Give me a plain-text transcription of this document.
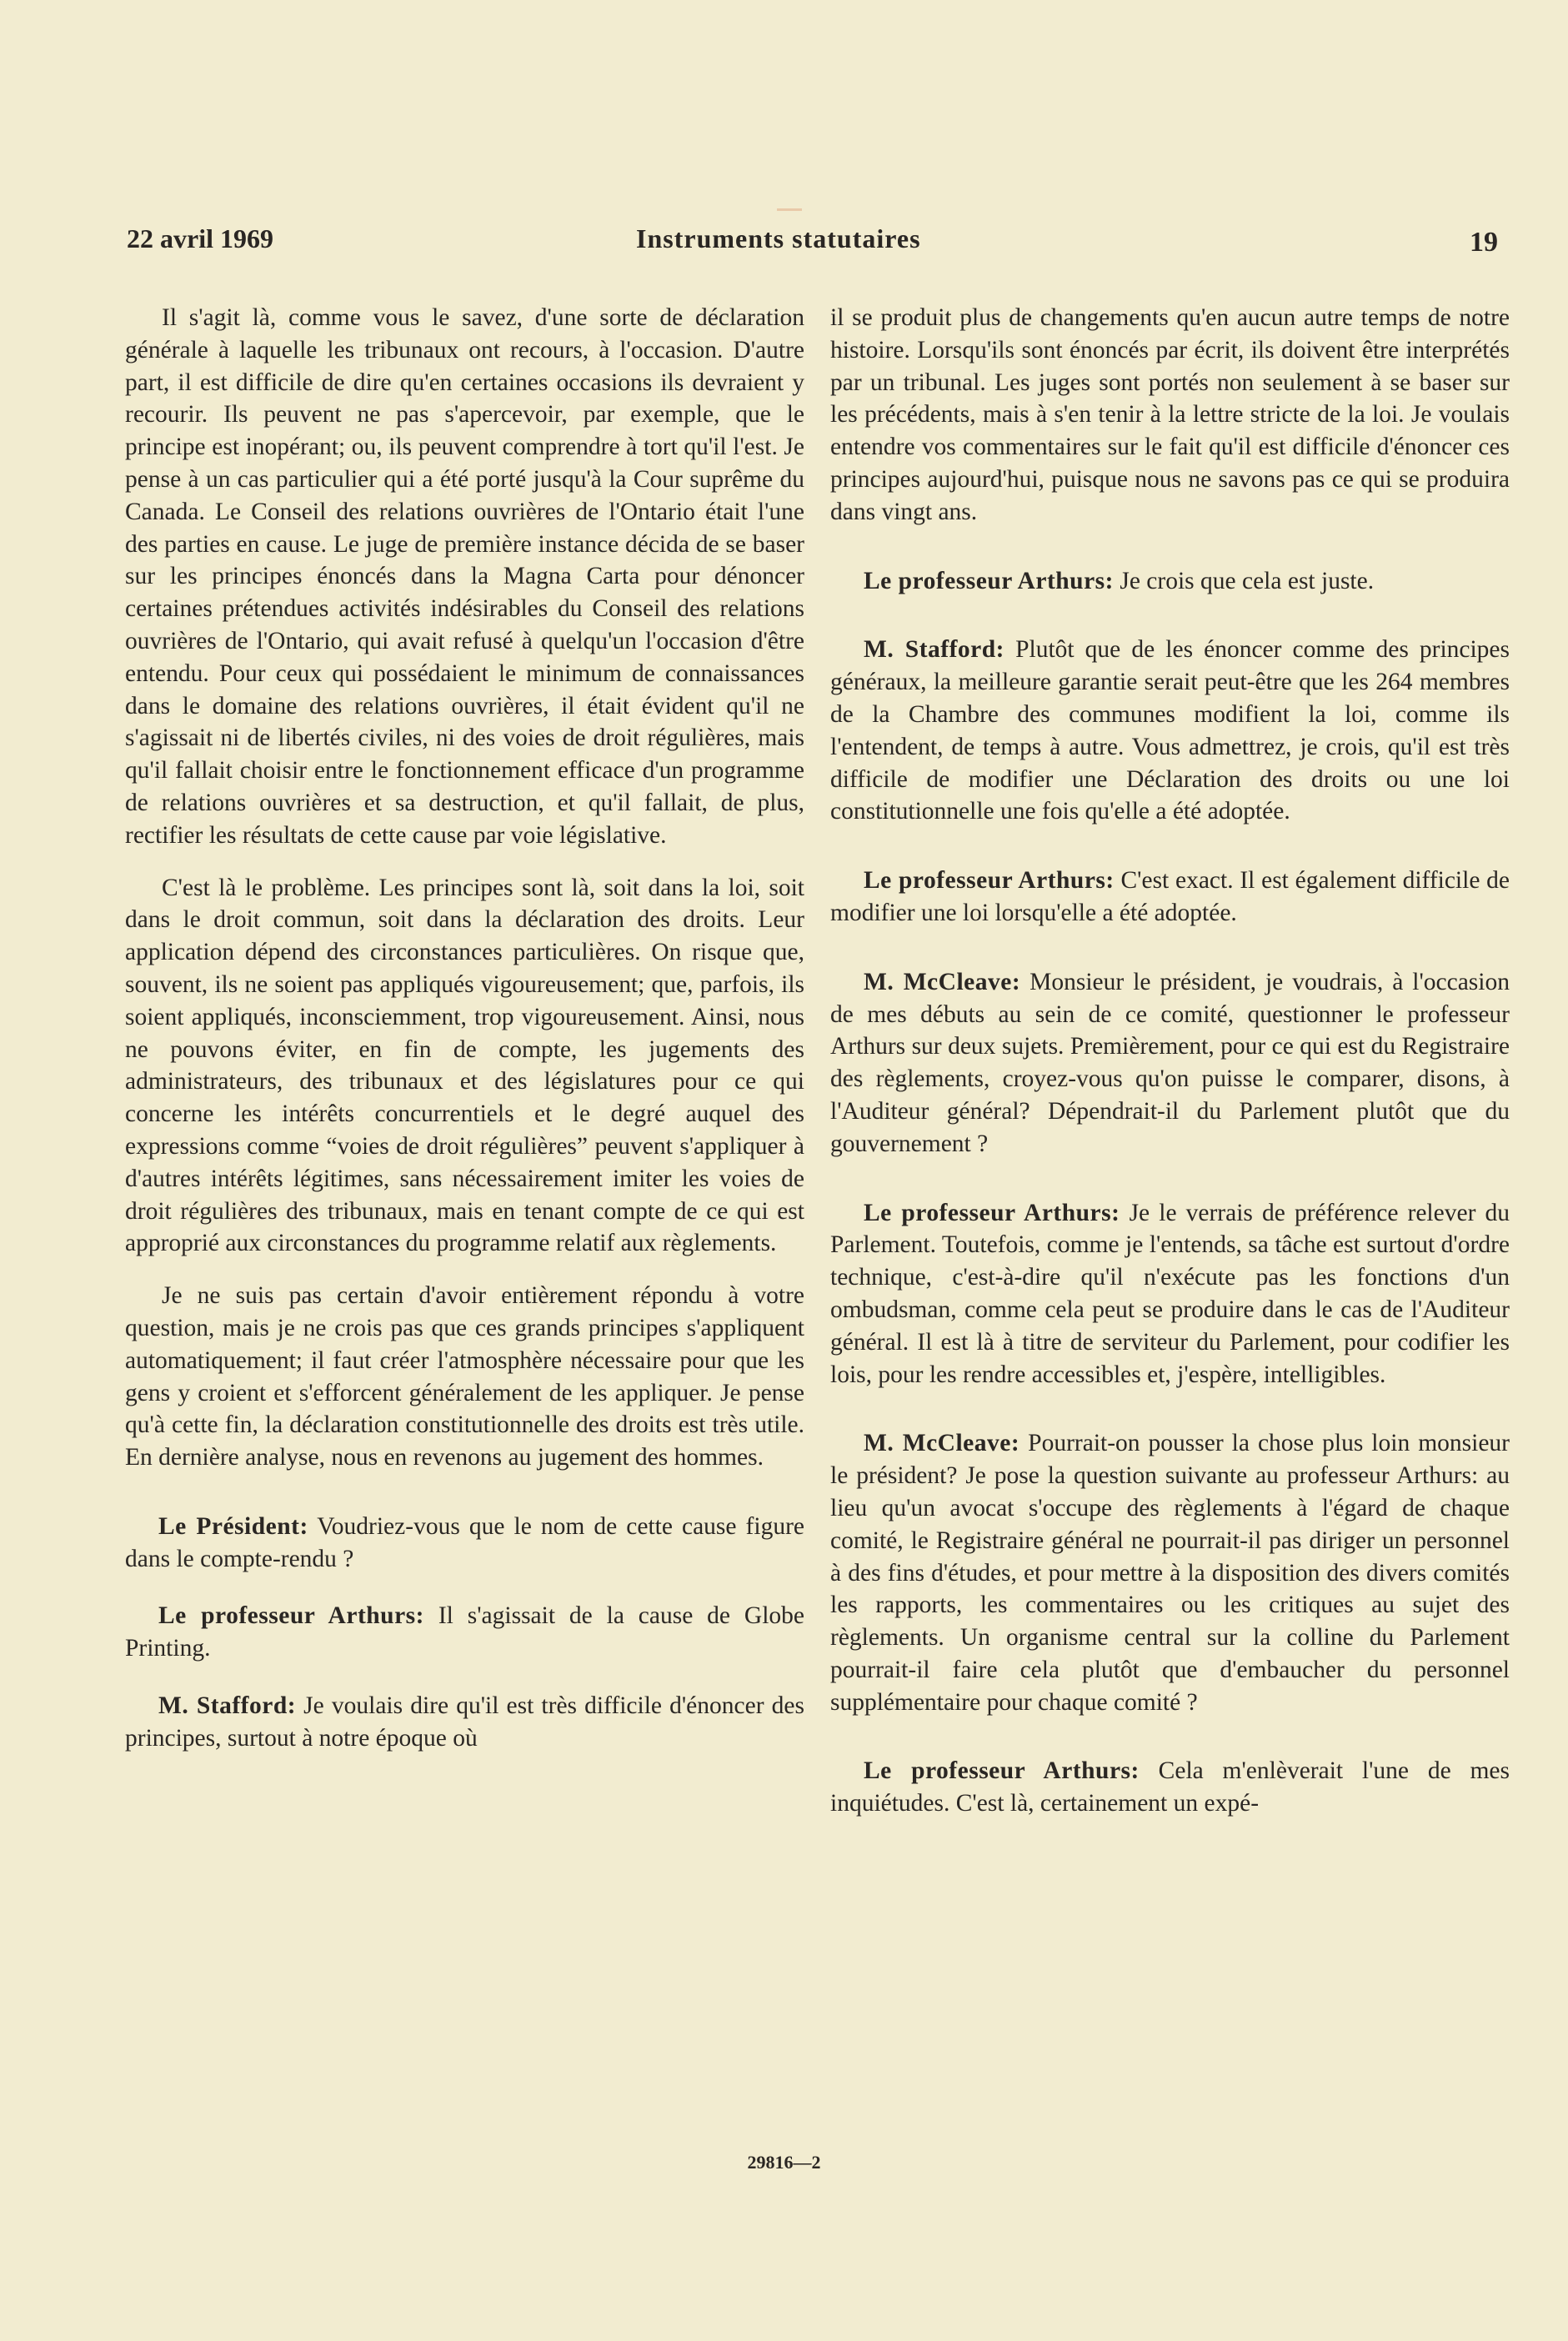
22 avril 1969	Instruments statutaires	19

Il s'agit là, comme vous le savez, d'une sorte de déclaration générale à laquelle les tribunaux ont recours, à l'occasion. D'autre part, il est difficile de dire qu'en certaines occasions ils devraient y recourir. Ils peuvent ne pas s'apercevoir, par exemple, que le principe est inopérant; ou, ils peuvent comprendre à tort qu'il l'est. Je pense à un cas particulier qui a été porté jusqu'à la Cour suprême du Canada. Le Conseil des relations ouvrières de l'Ontario était l'une des parties en cause. Le juge de première instance décida de se baser sur les principes énoncés dans la Magna Carta pour dénoncer certaines prétendues activités indésirables du Conseil des relations ouvrières de l'Ontario, qui avait refusé à quelqu'un l'occasion d'être entendu. Pour ceux qui possédaient le minimum de connaissances dans le domaine des relations ouvrières, il était évident qu'il ne s'agissait ni de libertés civiles, ni des voies de droit régulières, mais qu'il fallait choisir entre le fonctionnement efficace d'un programme de relations ouvrières et sa destruction, et qu'il fallait, de plus, rectifier les résultats de cette cause par voie législative.

C'est là le problème. Les principes sont là, soit dans la loi, soit dans le droit commun, soit dans la déclaration des droits. Leur application dépend des circonstances particulières. On risque que, souvent, ils ne soient pas appliqués vigoureusement; que, parfois, ils soient appliqués, inconsciemment, trop vigoureusement. Ainsi, nous ne pouvons éviter, en fin de compte, les jugements des administrateurs, des tribunaux et des législatures pour ce qui concerne les intérêts concurrentiels et le degré auquel des expressions comme “voies de droit régulières” peuvent s'appliquer à d'autres intérêts légitimes, sans nécessairement imiter les voies de droit régulières des tribunaux, mais en tenant compte de ce qui est approprié aux circonstances du programme relatif aux règlements.

Je ne suis pas certain d'avoir entièrement répondu à votre question, mais je ne crois pas que ces grands principes s'appliquent automatiquement; il faut créer l'atmosphère nécessaire pour que les gens y croient et s'efforcent généralement de les appliquer. Je pense qu'à cette fin, la déclaration constitutionnelle des droits est très utile. En dernière analyse, nous en revenons au jugement des hommes.

Le Président: Voudriez-vous que le nom de cette cause figure dans le compte-rendu ?

Le professeur Arthurs: Il s'agissait de la cause de Globe Printing.

M. Stafford: Je voulais dire qu'il est très difficile d'énoncer des principes, surtout à notre époque où

il se produit plus de changements qu'en aucun autre temps de notre histoire. Lorsqu'ils sont énoncés par écrit, ils doivent être interprétés par un tribunal. Les juges sont portés non seulement à se baser sur les précédents, mais à s'en tenir à la lettre stricte de la loi. Je voulais entendre vos commentaires sur le fait qu'il est difficile d'énoncer ces principes aujourd'hui, puisque nous ne savons pas ce qui se produira dans vingt ans.

Le professeur Arthurs: Je crois que cela est juste.

M. Stafford: Plutôt que de les énoncer comme des principes généraux, la meilleure garantie serait peut-être que les 264 membres de la Chambre des communes modifient la loi, comme ils l'entendent, de temps à autre. Vous admettrez, je crois, qu'il est très difficile de modifier une Déclaration des droits ou une loi constitutionnelle une fois qu'elle a été adoptée.

Le professeur Arthurs: C'est exact. Il est également difficile de modifier une loi lorsqu'elle a été adoptée.

M. McCleave: Monsieur le président, je voudrais, à l'occasion de mes débuts au sein de ce comité, questionner le professeur Arthurs sur deux sujets. Premièrement, pour ce qui est du Registraire des règlements, croyez-vous qu'on puisse le comparer, disons, à l'Auditeur général? Dépendrait-il du Parlement plutôt que du gouvernement ?

Le professeur Arthurs: Je le verrais de préférence relever du Parlement. Toutefois, comme je l'entends, sa tâche est surtout d'ordre technique, c'est-à-dire qu'il n'exécute pas les fonctions d'un ombudsman, comme cela peut se produire dans le cas de l'Auditeur général. Il est là à titre de serviteur du Parlement, pour codifier les lois, pour les rendre accessibles et, j'espère, intelligibles.

M. McCleave: Pourrait-on pousser la chose plus loin monsieur le président? Je pose la question suivante au professeur Arthurs: au lieu qu'un avocat s'occupe des règlements à l'égard de chaque comité, le Registraire général ne pourrait-il pas diriger un personnel à des fins d'études, et pour mettre à la disposition des divers comités les rapports, les commentaires ou les critiques au sujet des règlements. Un organisme central sur la colline du Parlement pourrait-il faire cela plutôt que d'embaucher du personnel supplémentaire pour chaque comité ?

Le professeur Arthurs: Cela m'enlèverait l'une de mes inquiétudes. C'est là, certainement un expé-

29816—2
